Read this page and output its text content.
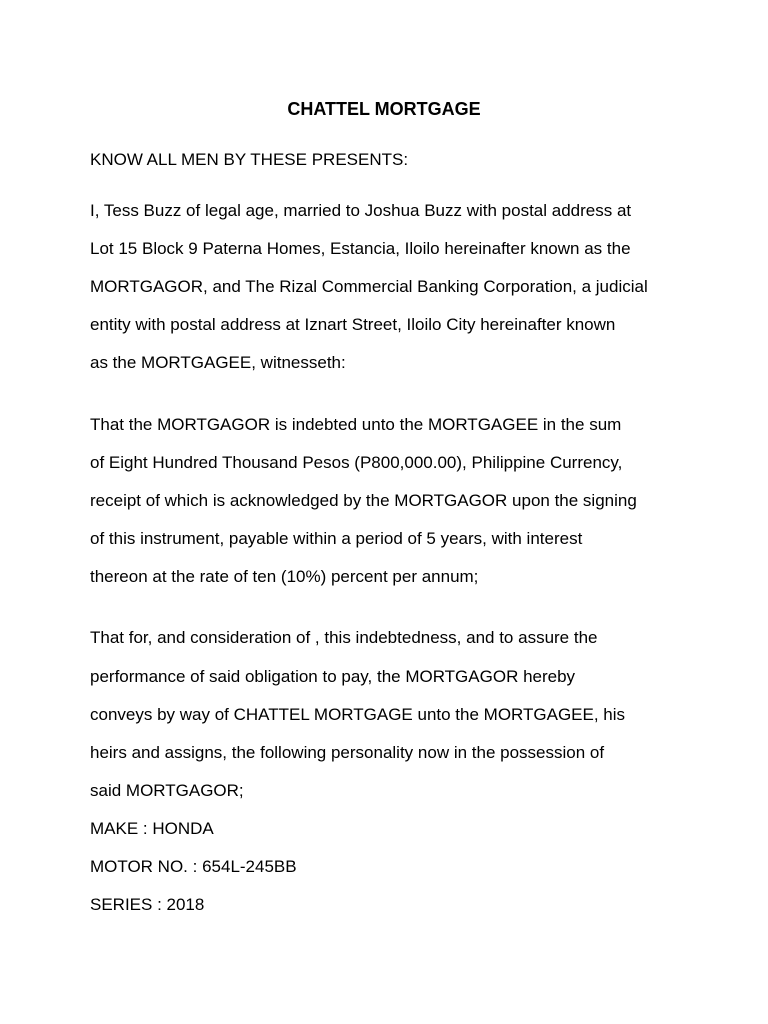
CHATTEL MORTGAGE
KNOW ALL MEN BY THESE PRESENTS:
I, Tess Buzz of legal age, married to Joshua Buzz with postal address at
Lot 15 Block 9 Paterna Homes, Estancia, Iloilo hereinafter known as the
MORTGAGOR, and The Rizal Commercial Banking Corporation, a judicial
entity with postal address at Iznart Street, Iloilo City hereinafter known
as the MORTGAGEE, witnesseth:
That the MORTGAGOR is indebted unto the MORTGAGEE in the sum
of Eight Hundred Thousand Pesos (P800,000.00), Philippine Currency,
receipt of which is acknowledged by the MORTGAGOR upon the signing
of this instrument, payable within a period of 5 years, with interest
thereon at the rate of ten (10%) percent per annum;
That for, and consideration of , this indebtedness, and to assure the
performance of said obligation to pay, the MORTGAGOR hereby
conveys by way of CHATTEL MORTGAGE unto the MORTGAGEE, his
heirs and assigns, the following personality now in the possession of
said MORTGAGOR;
MAKE : HONDA
MOTOR NO. : 654L-245BB
SERIES : 2018
